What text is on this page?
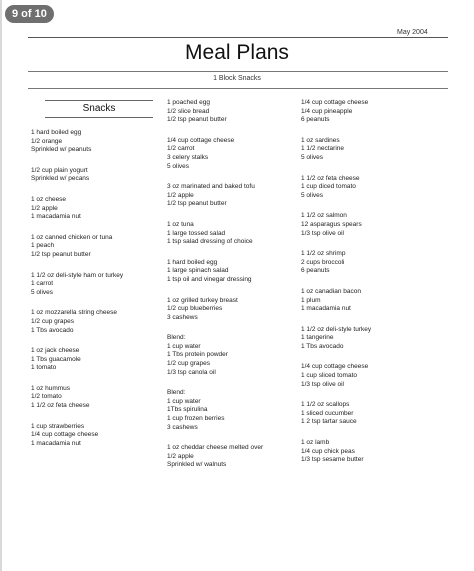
9 of 10
May 2004
Meal Plans
1 Block Snacks
Snacks
1 hard boiled egg
1/2 orange
Sprinkled w/ peanuts
1/2 cup plain yogurt
Sprinkled w/ pecans
1 oz cheese
1/2 apple
1 macadamia nut
1 oz canned chicken or tuna
1 peach
1/2 tsp peanut butter
1 1/2 oz deli-style ham or turkey
1 carrot
5 olives
1 oz mozzarella string cheese
1/2 cup grapes
1 Tbs avocado
1 oz jack cheese
1 Tbs guacamole
1 tomato
1 oz hummus
1/2 tomato
1 1/2 oz feta cheese
1 cup strawberries
1/4 cup cottage cheese
1 macadamia nut
1 poached egg
1/2 slice bread
1/2 tsp peanut butter
1/4 cup cottage cheese
1/2 carrot
3 celery stalks
5 olives
3 oz marinated and baked tofu
1/2 apple
1/2 tsp peanut butter
1 oz tuna
1 large tossed salad
1 tsp salad dressing of choice
1 hard boiled egg
1 large spinach salad
1 tsp oil and vinegar dressing
1 oz grilled turkey breast
1/2 cup blueberries
3 cashews
Blend:
1 cup water
1 Tbs protein powder
1/2 cup grapes
1/3 tsp canola oil
Blend:
1 cup water
1Tbs spirulina
1 cup frozen berries
3 cashews
1 oz cheddar cheese melted over
1/2 apple
Sprinkled w/ walnuts
1/4 cup cottage cheese
1/4 cup pineapple
6 peanuts
1 oz sardines
1 1/2 nectarine
5 olives
1 1/2 oz feta cheese
1 cup diced tomato
5 olives
1 1/2 oz salmon
12 asparagus spears
1/3 tsp olive oil
1 1/2 oz shrimp
2 cups broccoli
6 peanuts
1 oz canadian bacon
1 plum
1 macadamia nut
1 1/2 oz deli-style turkey
1 tangerine
1 Tbs avocado
1/4 cup cottage cheese
1 cup sliced tomato
1/3 tsp olive oil
1 1/2 oz scallops
1 sliced cucumber
1 2 tsp tartar sauce
1 oz lamb
1/4 cup chick peas
1/3 tsp sesame butter
